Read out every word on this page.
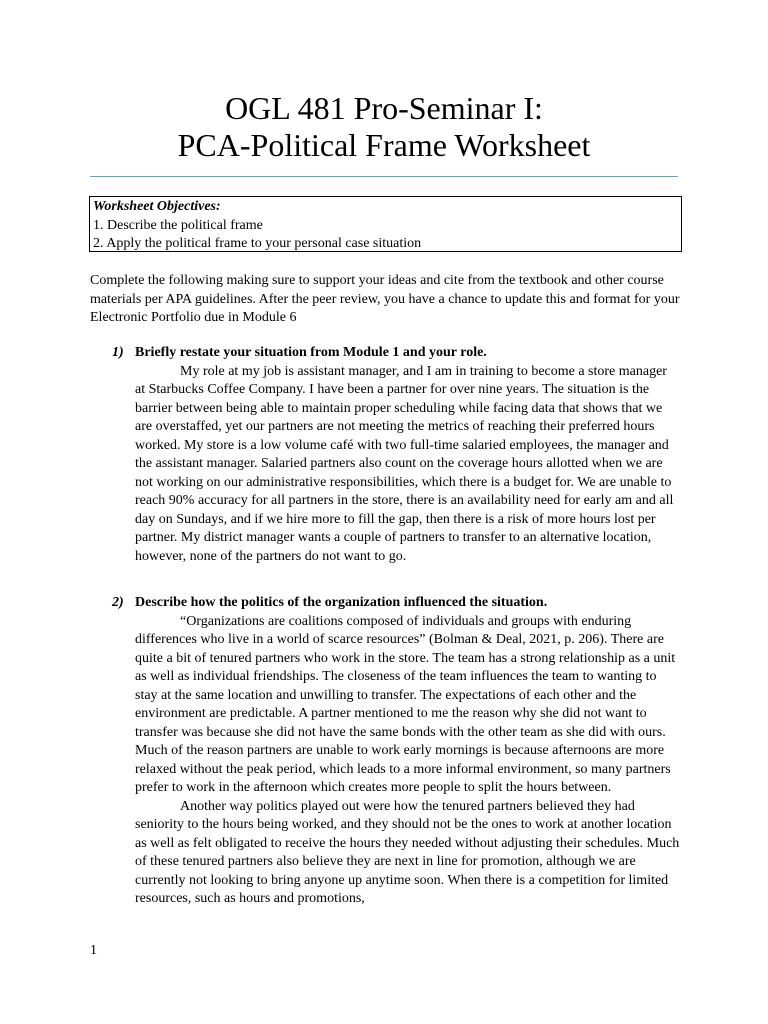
OGL 481 Pro-Seminar I:
PCA-Political Frame Worksheet
Worksheet Objectives:
1. Describe the political frame
2. Apply the political frame to your personal case situation

Complete the following making sure to support your ideas and cite from the textbook and other course materials per APA guidelines. After the peer review, you have a chance to update this and format for your Electronic Portfolio due in Module 6

1) Briefly restate your situation from Module 1 and your role.

My role at my job is assistant manager, and I am in training to become a store manager at Starbucks Coffee Company. I have been a partner for over nine years. The situation is the barrier between being able to maintain proper scheduling while facing data that shows that we are overstaffed, yet our partners are not meeting the metrics of reaching their preferred hours worked. My store is a low volume café with two full-time salaried employees, the manager and the assistant manager. Salaried partners also count on the coverage hours allotted when we are not working on our administrative responsibilities, which there is a budget for. We are unable to reach 90% accuracy for all partners in the store, there is an availability need for early am and all day on Sundays, and if we hire more to fill the gap, then there is a risk of more hours lost per partner. My district manager wants a couple of partners to transfer to an alternative location, however, none of the partners do not want to go.

2) Describe how the politics of the organization influenced the situation.

“Organizations are coalitions composed of individuals and groups with enduring differences who live in a world of scarce resources” (Bolman & Deal, 2021, p. 206). There are quite a bit of tenured partners who work in the store. The team has a strong relationship as a unit as well as individual friendships. The closeness of the team influences the team to wanting to stay at the same location and unwilling to transfer. The expectations of each other and the environment are predictable. A partner mentioned to me the reason why she did not want to transfer was because she did not have the same bonds with the other team as she did with ours. Much of the reason partners are unable to work early mornings is because afternoons are more relaxed without the peak period, which leads to a more informal environment, so many partners prefer to work in the afternoon which creates more people to split the hours between.

Another way politics played out were how the tenured partners believed they had seniority to the hours being worked, and they should not be the ones to work at another location as well as felt obligated to receive the hours they needed without adjusting their schedules. Much of these tenured partners also believe they are next in line for promotion, although we are currently not looking to bring anyone up anytime soon. When there is a competition for limited resources, such as hours and promotions,

1
